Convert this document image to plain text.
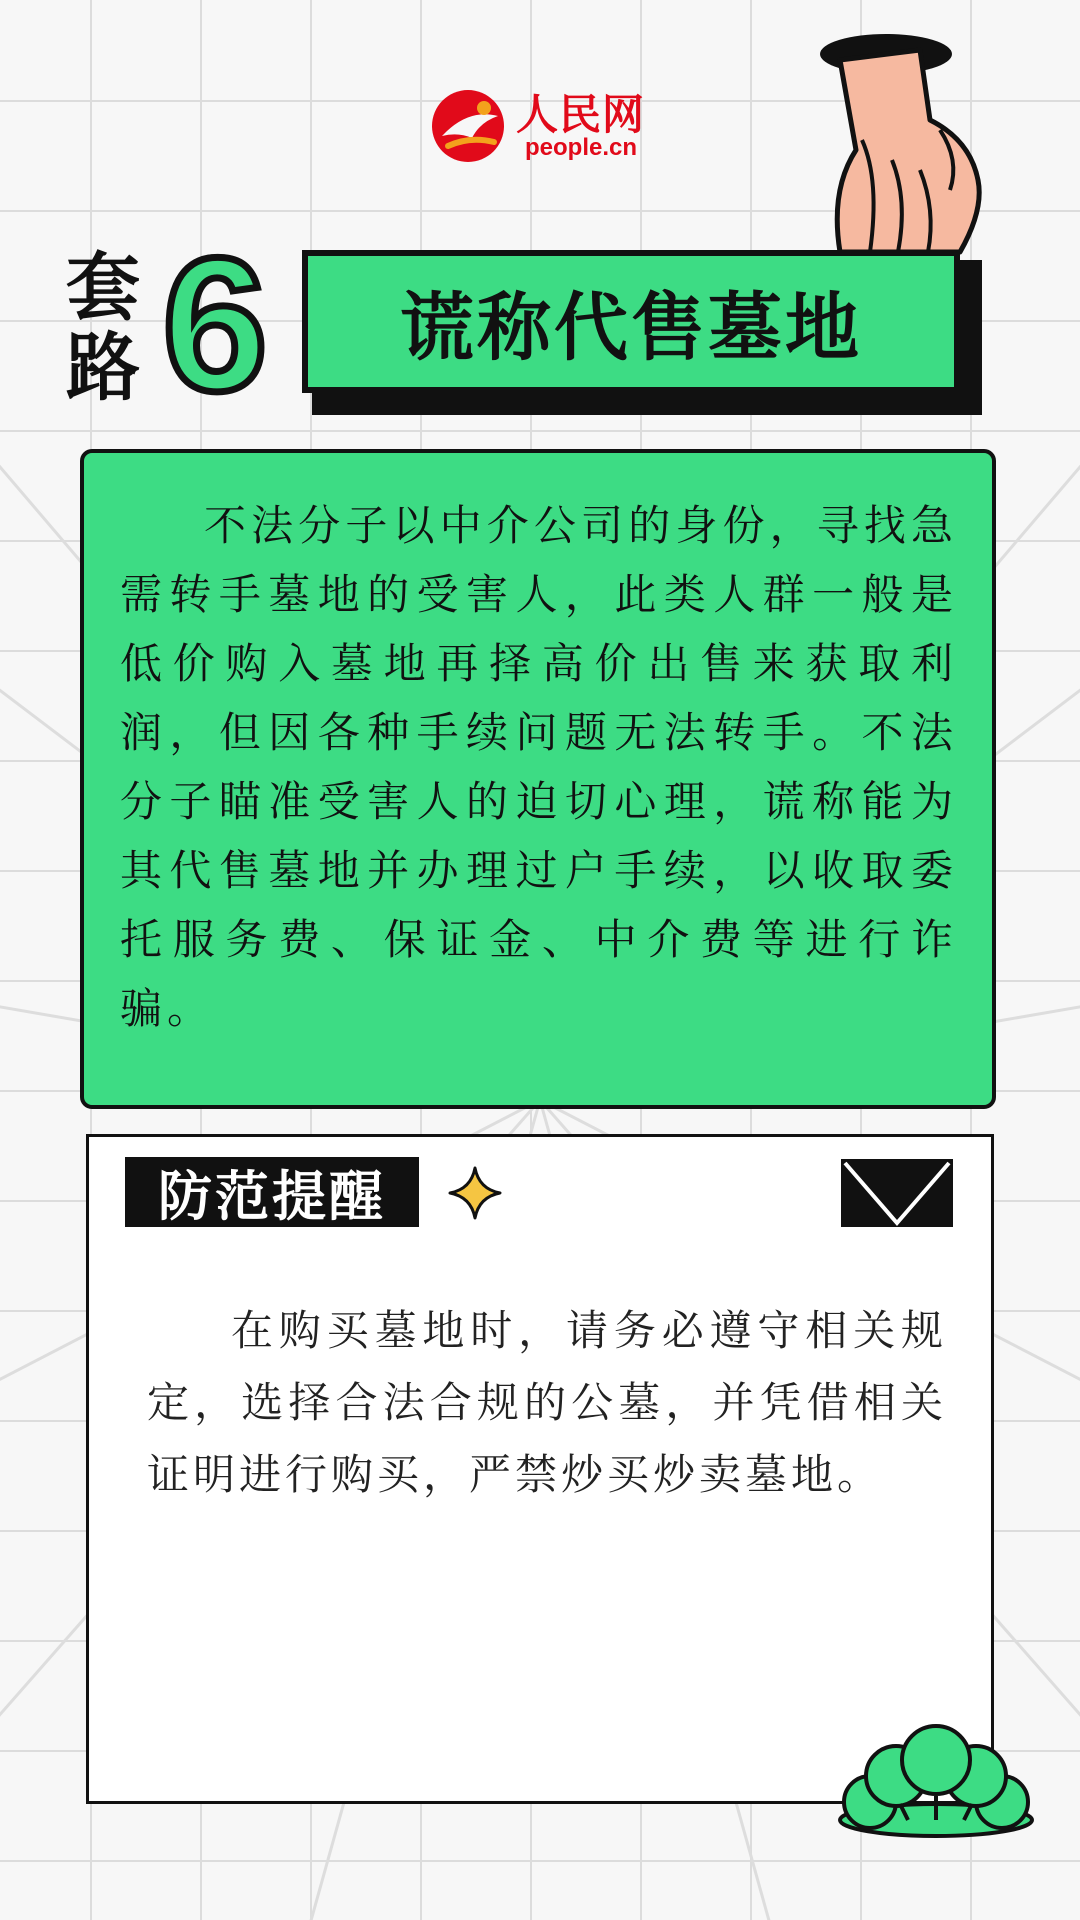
人民网
people.cn
套
路 6 谎称代售墓地
不法分子以中介公司的身份，寻找急需转手墓地的受害人，此类人群一般是低价购入墓地再择高价出售来获取利润，但因各种手续问题无法转手。不法分子瞄准受害人的迫切心理，谎称能为其代售墓地并办理过户手续，以收取委托服务费、保证金、中介费等进行诈骗。
防范提醒
在购买墓地时，请务必遵守相关规定，选择合法合规的公墓，并凭借相关证明进行购买，严禁炒买炒卖墓地。
